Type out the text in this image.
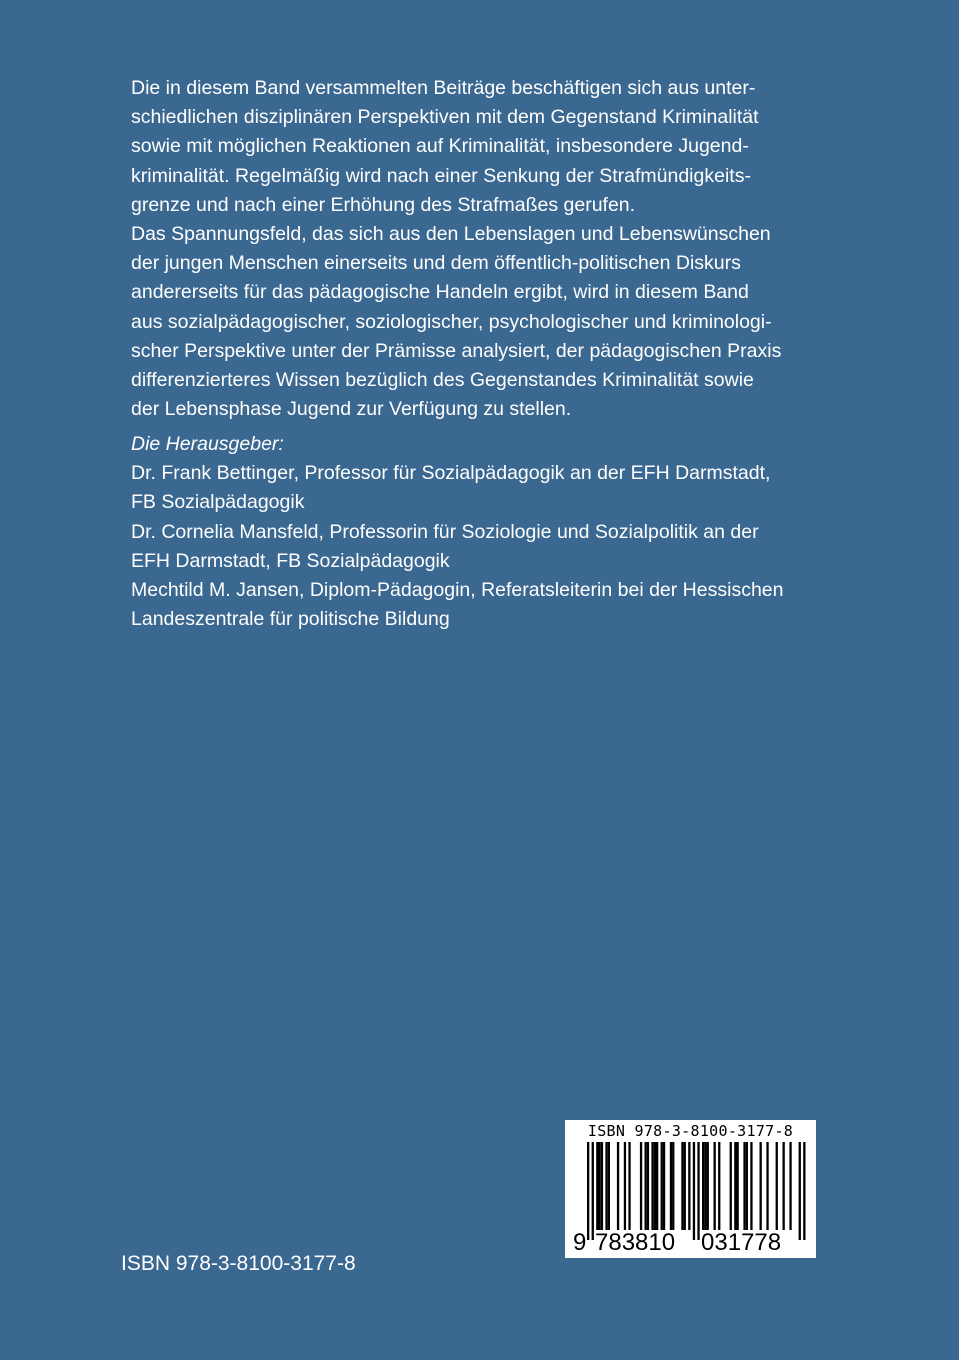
Die in diesem Band versammelten Beiträge beschäftigen sich aus unter-

schiedlichen disziplinären Perspektiven mit dem Gegenstand Kriminalität

sowie mit möglichen Reaktionen auf Kriminalität, insbesondere Jugend-

kriminalität. Regelmäßig wird nach einer Senkung der Strafmündigkeits-

grenze und nach einer Erhöhung des Strafmaßes gerufen.

Das Spannungsfeld, das sich aus den Lebenslagen und Lebenswünschen

der jungen Menschen einerseits und dem öffentlich-politischen Diskurs

andererseits für das pädagogische Handeln ergibt, wird in diesem Band

aus sozialpädagogischer, soziologischer, psychologischer und kriminologi-

scher Perspektive unter der Prämisse analysiert, der pädagogischen Praxis

differenzierteres Wissen bezüglich des Gegenstandes Kriminalität sowie

der Lebensphase Jugend zur Verfügung zu stellen.

Die Herausgeber:

Dr. Frank Bettinger, Professor für Sozialpädagogik an der EFH Darmstadt,

FB Sozialpädagogik

Dr. Cornelia Mansfeld, Professorin für Soziologie und Sozialpolitik an der

EFH Darmstadt, FB Sozialpädagogik

Mechtild M. Jansen, Diplom-Pädagogin, Referatsleiterin bei der Hessischen

Landeszentrale für politische Bildung

ISBN 978-3-8100-3177-8
9 783810 031778
ISBN 978-3-8100-3177-8
